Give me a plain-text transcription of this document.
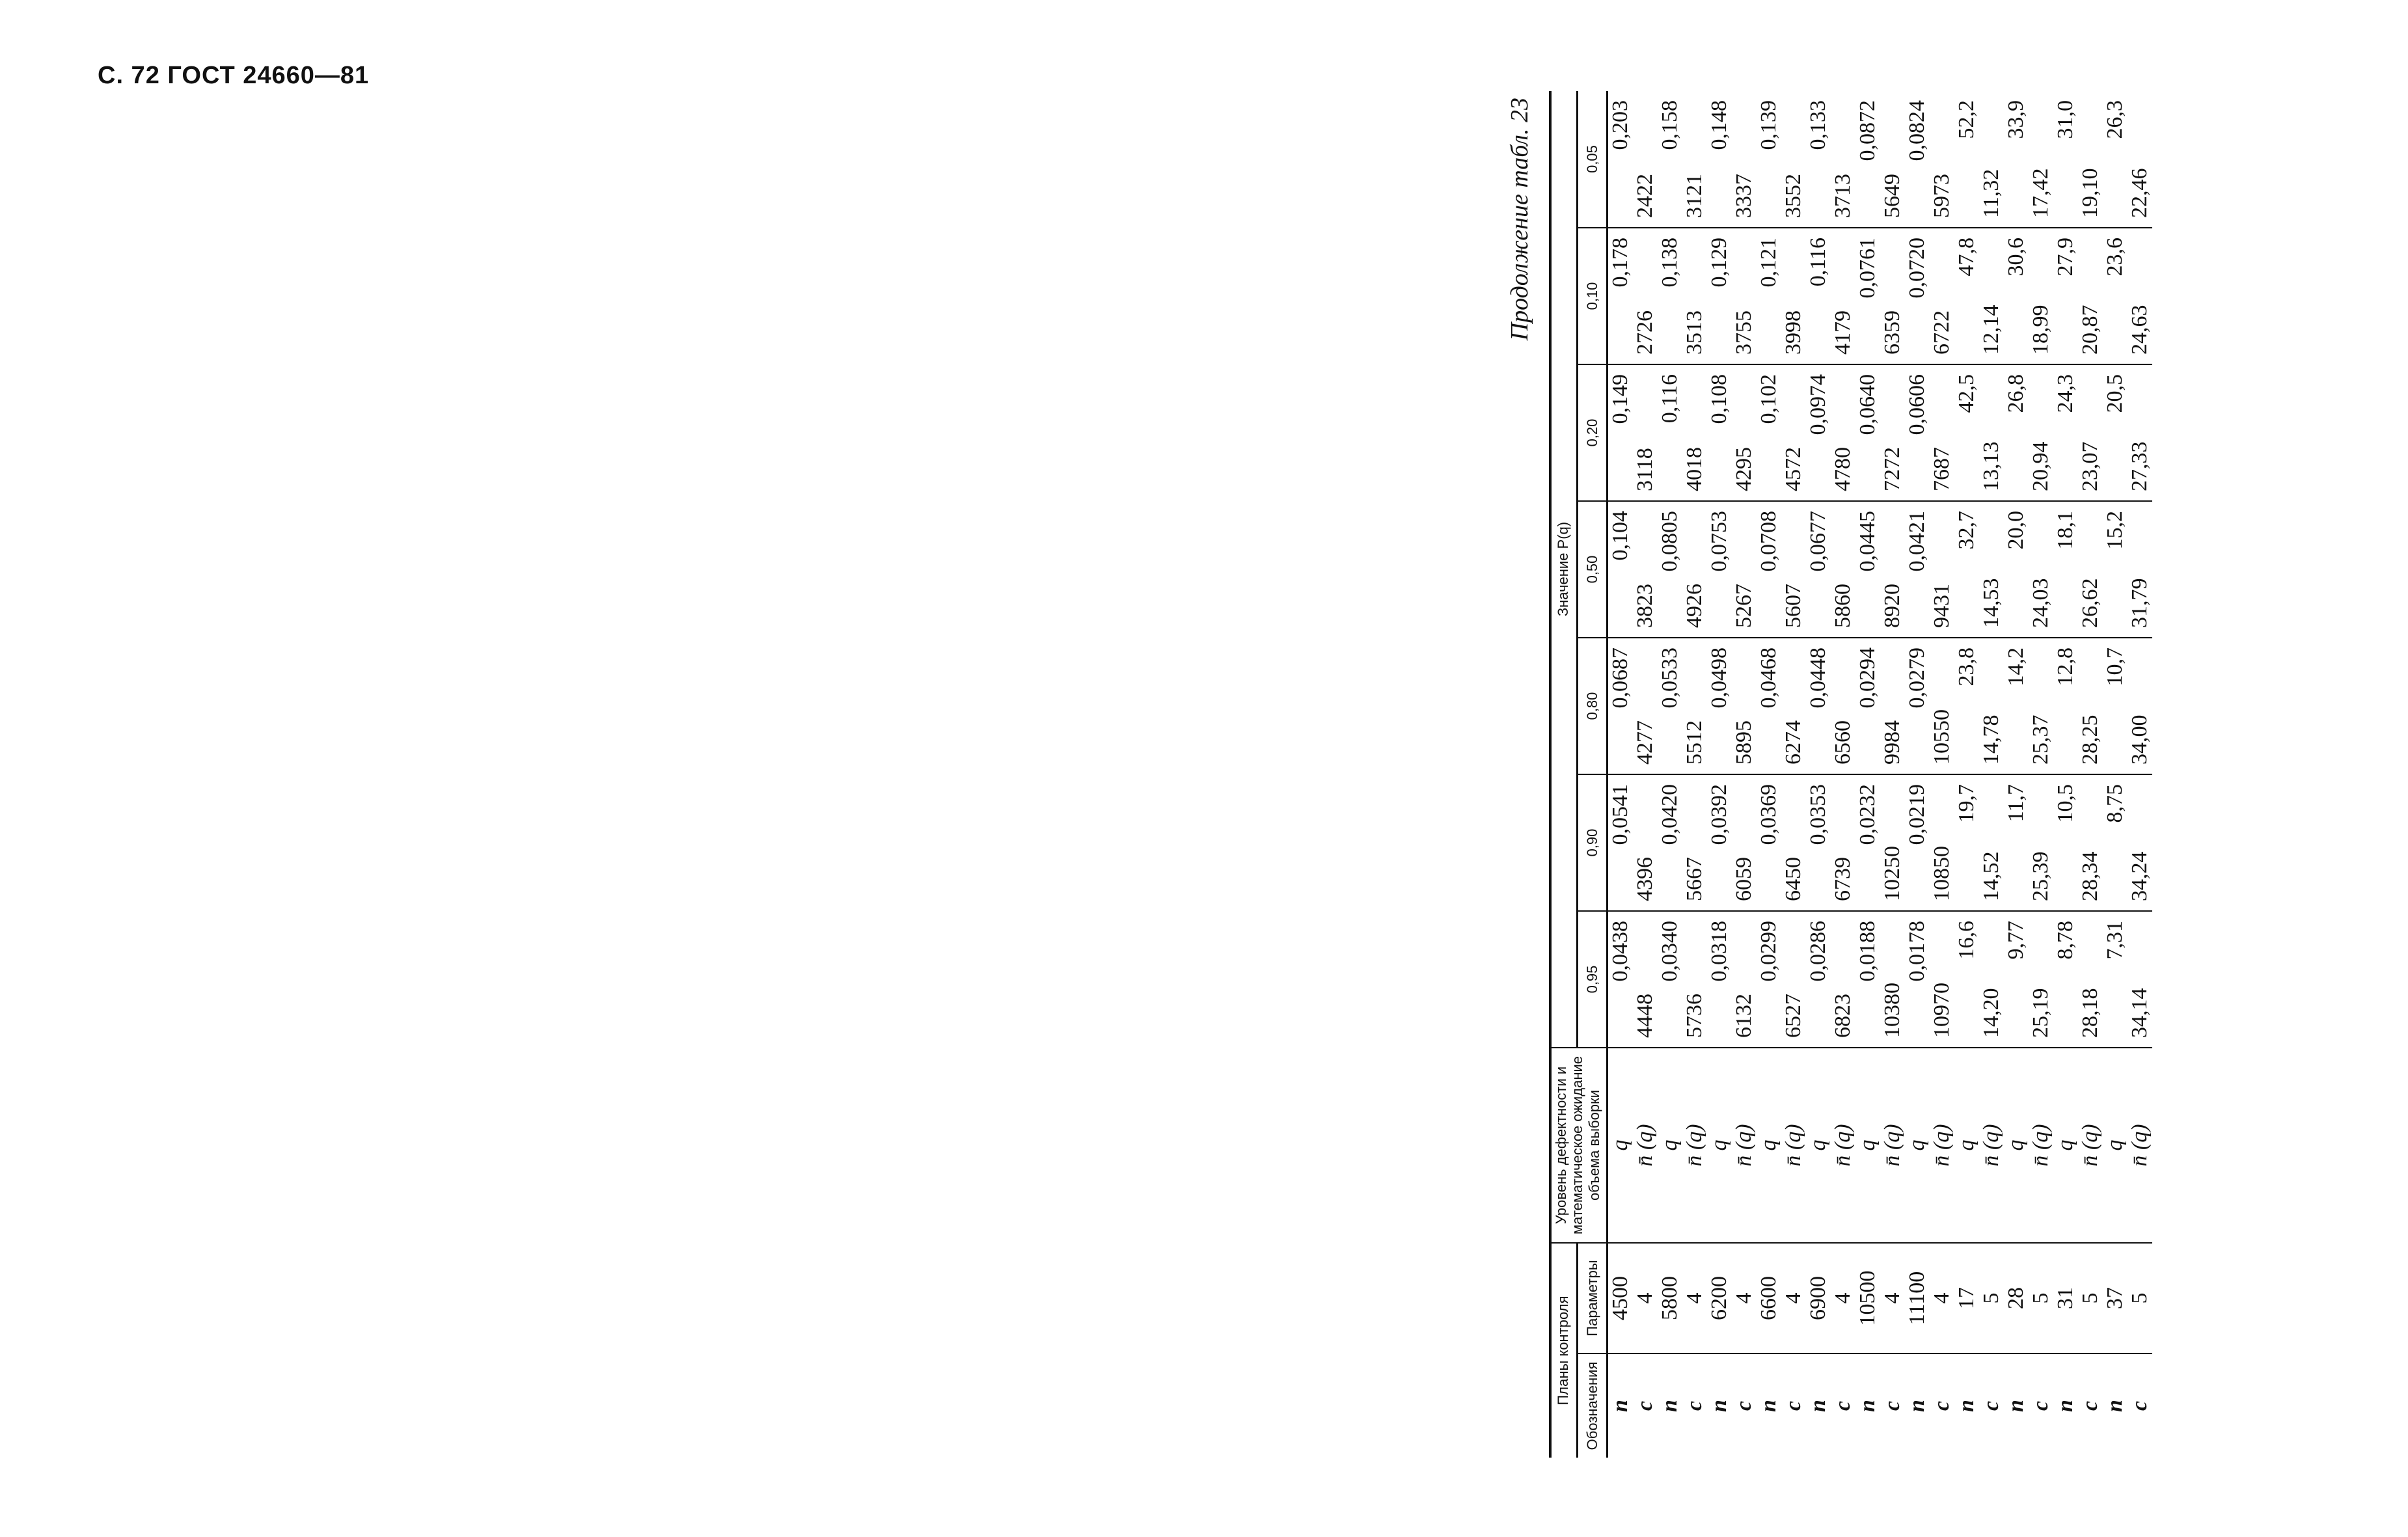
С. 72 ГОСТ 24660—81
Продолжение табл. 23
Планы контроля		Уровень дефектности и математическое ожидание объема выборки	Значение P(q)						
Обозначения	Параметры		0,95	0,90	0,80	0,50	0,20	0,10	0,05
n	4500	q	0,0438	0,0541	0,0687	0,104	0,149	0,178	0,203
c	4	n̄ (q)	4448	4396	4277	3823	3118	2726	2422
n	5800	q	0,0340	0,0420	0,0533	0,0805	0,116	0,138	0,158
c	4	n̄ (q)	5736	5667	5512	4926	4018	3513	3121
n	6200	q	0,0318	0,0392	0,0498	0,0753	0,108	0,129	0,148
c	4	n̄ (q)	6132	6059	5895	5267	4295	3755	3337
n	6600	q	0,0299	0,0369	0,0468	0,0708	0,102	0,121	0,139
c	4	n̄ (q)	6527	6450	6274	5607	4572	3998	3552
n	6900	q	0,0286	0,0353	0,0448	0,0677	0,0974	0,116	0,133
c	4	n̄ (q)	6823	6739	6560	5860	4780	4179	3713
n	10500	q	0,0188	0,0232	0,0294	0,0445	0,0640	0,0761	0,0872
c	4	n̄ (q)	10380	10250	9984	8920	7272	6359	5649
n	11100	q	0,0178	0,0219	0,0279	0,0421	0,0606	0,0720	0,0824
c	4	n̄ (q)	10970	10850	10550	9431	7687	6722	5973
n	17	q	16,6	19,7	23,8	32,7	42,5	47,8	52,2
c	5	n̄ (q)	14,20	14,52	14,78	14,53	13,13	12,14	11,32
n	28	q	9,77	11,7	14,2	20,0	26,8	30,6	33,9
c	5	n̄ (q)	25,19	25,39	25,37	24,03	20,94	18,99	17,42
n	31	q	8,78	10,5	12,8	18,1	24,3	27,9	31,0
c	5	n̄ (q)	28,18	28,34	28,25	26,62	23,07	20,87	19,10
n	37	q	7,31	8,75	10,7	15,2	20,5	23,6	26,3
c	5	n̄ (q)	34,14	34,24	34,00	31,79	27,33	24,63	22,46
